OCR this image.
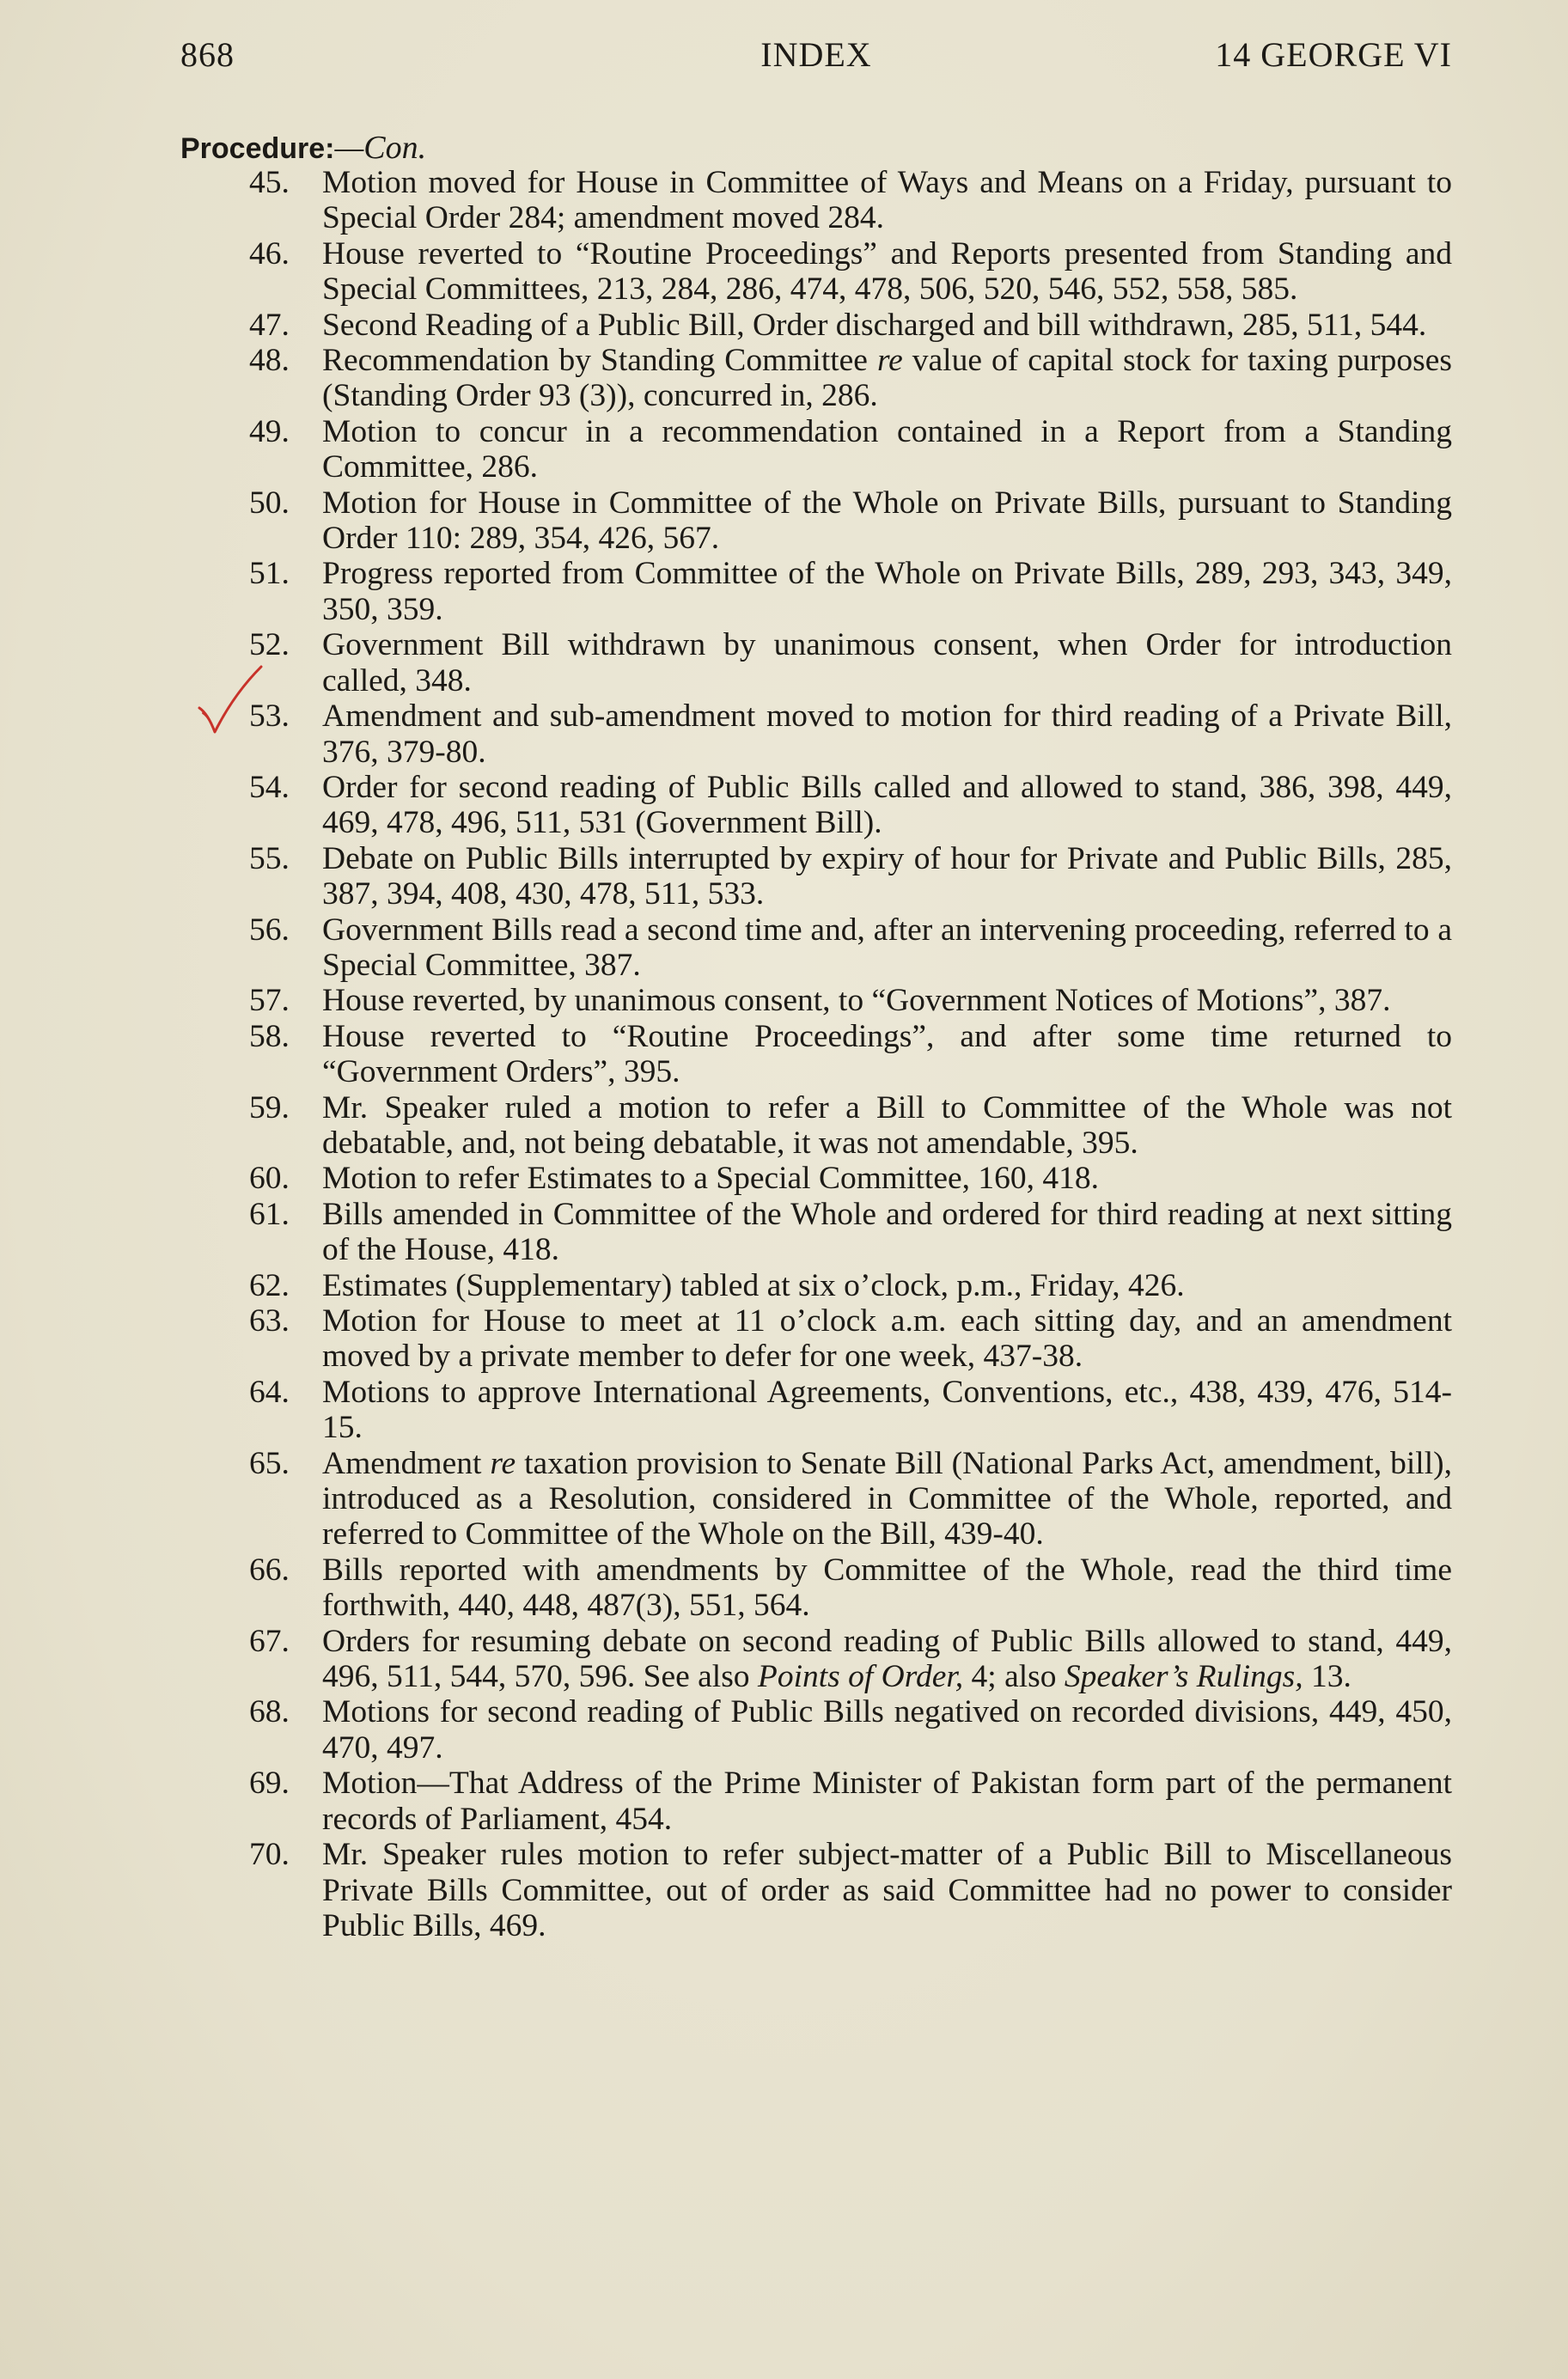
868	INDEX	14 GEORGE VI
Procedure:—Con.
45. Motion moved for House in Committee of Ways and Means on a Friday, pursuant to Special Order 284; amendment moved 284.
46. House reverted to “Routine Proceedings” and Reports presented from Standing and Special Committees, 213, 284, 286, 474, 478, 506, 520, 546, 552, 558, 585.
47. Second Reading of a Public Bill, Order discharged and bill withdrawn, 285, 511, 544.
48. Recommendation by Standing Committee re value of capital stock for taxing purposes (Standing Order 93 (3)), concurred in, 286.
49. Motion to concur in a recommendation contained in a Report from a Standing Committee, 286.
50. Motion for House in Committee of the Whole on Private Bills, pursuant to Standing Order 110: 289, 354, 426, 567.
51. Progress reported from Committee of the Whole on Private Bills, 289, 293, 343, 349, 350, 359.
52. Government Bill withdrawn by unanimous consent, when Order for introduction called, 348.
53. Amendment and sub-amendment moved to motion for third reading of a Private Bill, 376, 379-80.
54. Order for second reading of Public Bills called and allowed to stand, 386, 398, 449, 469, 478, 496, 511, 531 (Government Bill).
55. Debate on Public Bills interrupted by expiry of hour for Private and Public Bills, 285, 387, 394, 408, 430, 478, 511, 533.
56. Government Bills read a second time and, after an intervening proceeding, referred to a Special Committee, 387.
57. House reverted, by unanimous consent, to “Government Notices of Motions”, 387.
58. House reverted to “Routine Proceedings”, and after some time returned to “Government Orders”, 395.
59. Mr. Speaker ruled a motion to refer a Bill to Committee of the Whole was not debatable, and, not being debatable, it was not amendable, 395.
60. Motion to refer Estimates to a Special Committee, 160, 418.
61. Bills amended in Committee of the Whole and ordered for third reading at next sitting of the House, 418.
62. Estimates (Supplementary) tabled at six o’clock, p.m., Friday, 426.
63. Motion for House to meet at 11 o’clock a.m. each sitting day, and an amendment moved by a private member to defer for one week, 437-38.
64. Motions to approve International Agreements, Conventions, etc., 438, 439, 476, 514-15.
65. Amendment re taxation provision to Senate Bill (National Parks Act, amendment, bill), introduced as a Resolution, considered in Committee of the Whole, reported, and referred to Committee of the Whole on the Bill, 439-40.
66. Bills reported with amendments by Committee of the Whole, read the third time forthwith, 440, 448, 487(3), 551, 564.
67. Orders for resuming debate on second reading of Public Bills allowed to stand, 449, 496, 511, 544, 570, 596. See also Points of Order, 4; also Speaker’s Rulings, 13.
68. Motions for second reading of Public Bills negatived on recorded divisions, 449, 450, 470, 497.
69. Motion—That Address of the Prime Minister of Pakistan form part of the permanent records of Parliament, 454.
70. Mr. Speaker rules motion to refer subject-matter of a Public Bill to Miscellaneous Private Bills Committee, out of order as said Committee had no power to consider Public Bills, 469.
